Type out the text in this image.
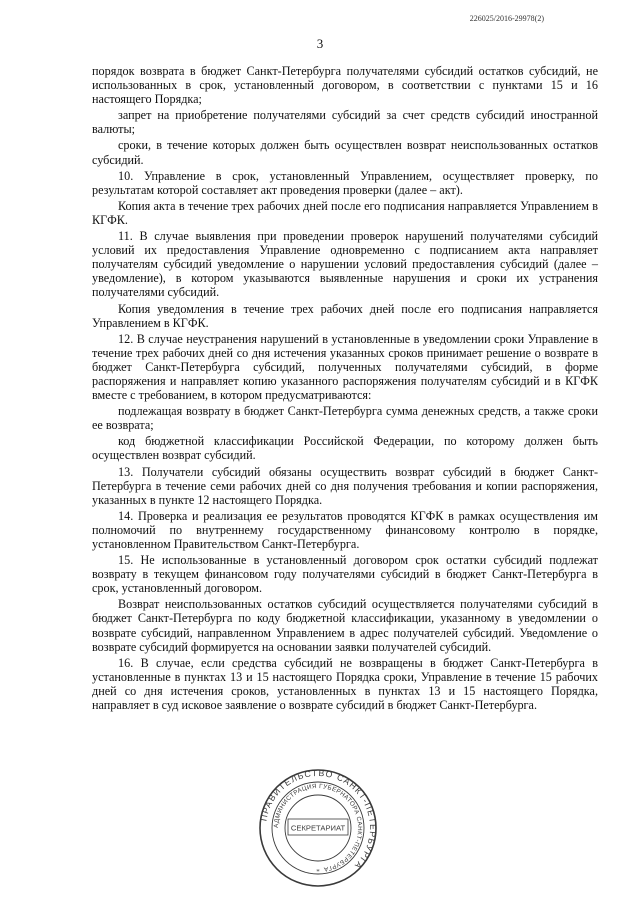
226025/2016-29978(2)
3

порядок возврата в бюджет Санкт-Петербурга получателями субсидий остатков субсидий, не использованных в срок, установленный договором, в соответствии с пунктами 15 и 16 настоящего Порядка;

запрет на приобретение получателями субсидий за счет средств субсидий иностранной валюты;

сроки, в течение которых должен быть осуществлен возврат неиспользованных остатков субсидий.

10. Управление в срок, установленный Управлением, осуществляет проверку, по результатам которой составляет акт проведения проверки (далее – акт).

Копия акта в течение трех рабочих дней после его подписания направляется Управлением в КГФК.

11. В случае выявления при проведении проверок нарушений получателями субсидий условий их предоставления Управление одновременно с подписанием акта направляет получателям субсидий уведомление о нарушении условий предоставления субсидий (далее – уведомление), в котором указываются выявленные нарушения и сроки их устранения получателями субсидий.

Копия уведомления в течение трех рабочих дней после его подписания направляется Управлением в КГФК.

12. В случае неустранения нарушений в установленные в уведомлении сроки Управление в течение трех рабочих дней со дня истечения указанных сроков принимает решение о возврате в бюджет Санкт-Петербурга субсидий, полученных получателями субсидий, в форме распоряжения и направляет копию указанного распоряжения получателям субсидий и в КГФК вместе с требованием, в котором предусматриваются:

подлежащая возврату в бюджет Санкт-Петербурга сумма денежных средств, а также сроки ее возврата;

код бюджетной классификации Российской Федерации, по которому должен быть осуществлен возврат субсидий.

13. Получатели субсидий обязаны осуществить возврат субсидий в бюджет Санкт-Петербурга в течение семи рабочих дней со дня получения требования и копии распоряжения, указанных в пункте 12 настоящего Порядка.

14. Проверка и реализация ее результатов проводятся КГФК в рамках осуществления им полномочий по внутреннему государственному финансовому контролю в порядке, установленном Правительством Санкт-Петербурга.

15. Не использованные в установленный договором срок остатки субсидий подлежат возврату в текущем финансовом году получателями субсидий в бюджет Санкт-Петербурга в срок, установленный договором.

Возврат неиспользованных остатков субсидий осуществляется получателями субсидий в бюджет Санкт-Петербурга по коду бюджетной классификации, указанному в уведомлении о возврате субсидий, направленном Управлением в адрес получателей субсидий. Уведомление о возврате субсидий формируется на основании заявки получателей субсидий.

16. В случае, если средства субсидий не возвращены в бюджет Санкт-Петербурга в установленные в пунктах 13 и 15 настоящего Порядка сроки, Управление в течение 15 рабочих дней со дня истечения сроков, установленных в пунктах 13 и 15 настоящего Порядка, направляет в суд исковое заявление о возврате субсидий в бюджет Санкт-Петербурга.

ПРАВИТЕЛЬСТВО САНКТ-ПЕТЕРБУРГА
АДМИНИСТРАЦИЯ ГУБЕРНАТОРА САНКТ-ПЕТЕРБУРГА
СЕКРЕТАРИАТ
*
